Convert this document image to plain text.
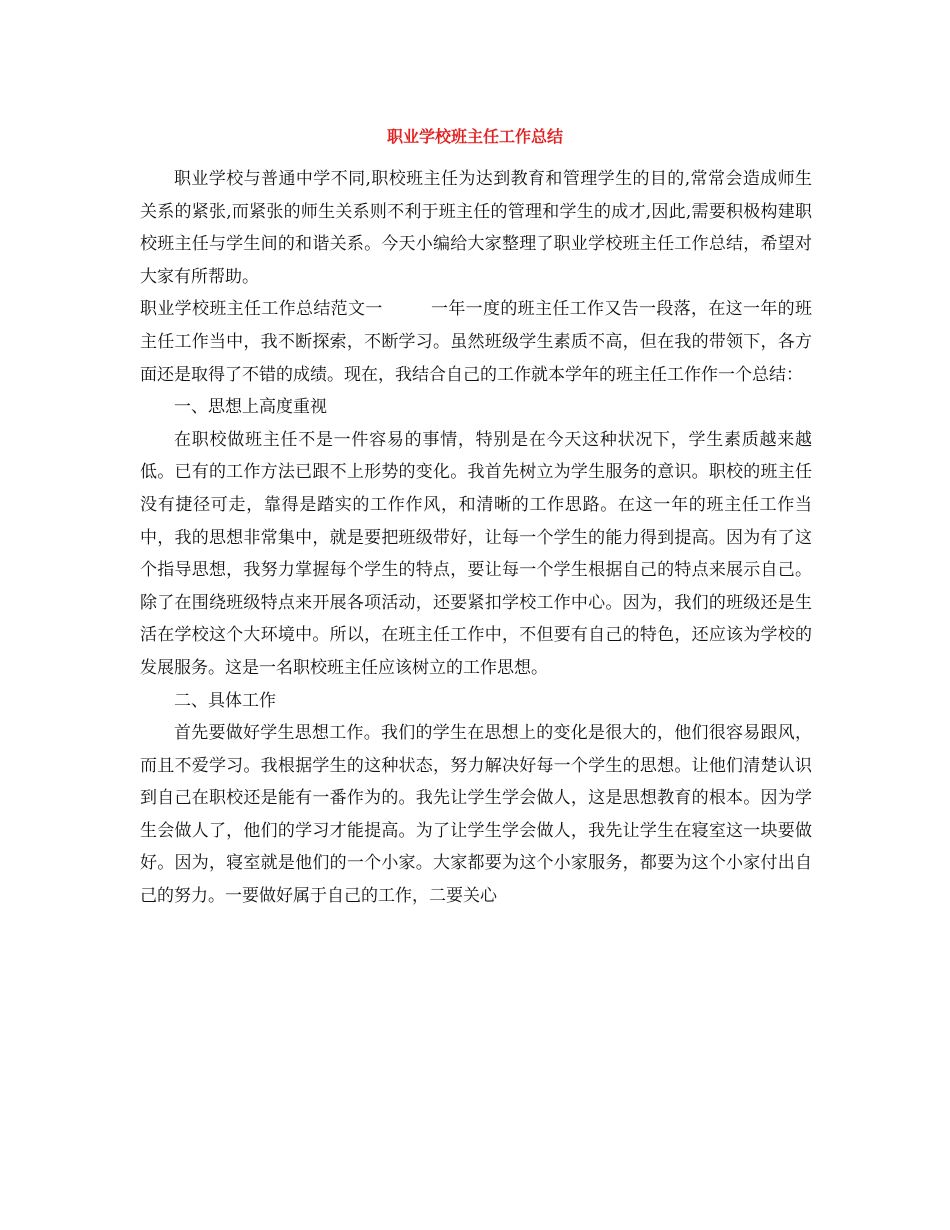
职业学校班主任工作总结

职业学校与普通中学不同,职校班主任为达到教育和管理学生的目的,常常会造成师生关系的紧张,而紧张的师生关系则不利于班主任的管理和学生的成才,因此,需要积极构建职校班主任与学生间的和谐关系。今天小编给大家整理了职业学校班主任工作总结，希望对大家有所帮助。

职业学校班主任工作总结范文一	一年一度的班主任工作又告一段落，在这一年的班主任工作当中，我不断探索，不断学习。虽然班级学生素质不高，但在我的带领下，各方面还是取得了不错的成绩。现在，我结合自己的工作就本学年的班主任工作作一个总结：

一、思想上高度重视

在职校做班主任不是一件容易的事情，特别是在今天这种状况下，学生素质越来越低。已有的工作方法已跟不上形势的变化。我首先树立为学生服务的意识。职校的班主任没有捷径可走，靠得是踏实的工作作风，和清晰的工作思路。在这一年的班主任工作当中，我的思想非常集中，就是要把班级带好，让每一个学生的能力得到提高。因为有了这个指导思想，我努力掌握每个学生的特点，要让每一个学生根据自己的特点来展示自己。除了在围绕班级特点来开展各项活动，还要紧扣学校工作中心。因为，我们的班级还是生活在学校这个大环境中。所以，在班主任工作中，不但要有自己的特色，还应该为学校的发展服务。这是一名职校班主任应该树立的工作思想。

二、具体工作

首先要做好学生思想工作。我们的学生在思想上的变化是很大的，他们很容易跟风，而且不爱学习。我根据学生的这种状态，努力解决好每一个学生的思想。让他们清楚认识到自己在职校还是能有一番作为的。我先让学生学会做人，这是思想教育的根本。因为学生会做人了，他们的学习才能提高。为了让学生学会做人，我先让学生在寝室这一块要做好。因为，寝室就是他们的一个小家。大家都要为这个小家服务，都要为这个小家付出自己的努力。一要做好属于自己的工作，二要关心
